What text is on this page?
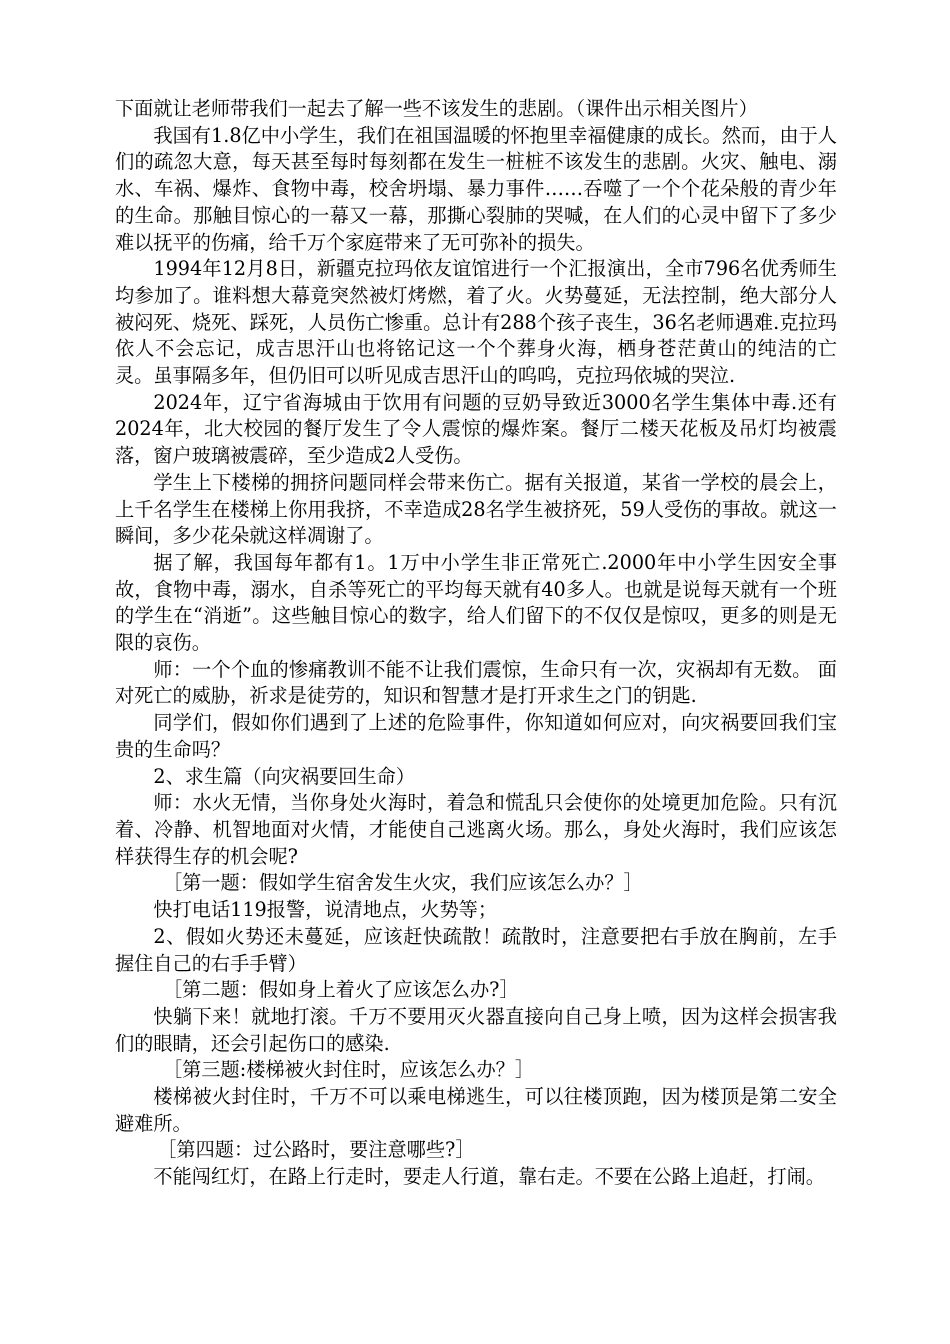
下面就让老师带我们一起去了解一些不该发生的悲剧。（课件出示相关图片）

我国有1.8亿中小学生，我们在祖国温暖的怀抱里幸福健康的成长。然而，由于人们的疏忽大意，每天甚至每时每刻都在发生一桩桩不该发生的悲剧。火灾、触电、溺水、车祸、爆炸、食物中毒，校舍坍塌、暴力事件……吞噬了一个个花朵般的青少年的生命。那触目惊心的一幕又一幕，那撕心裂肺的哭喊，在人们的心灵中留下了多少难以抚平的伤痛，给千万个家庭带来了无可弥补的损失。

1994年12月8日，新疆克拉玛依友谊馆进行一个汇报演出，全市796名优秀师生均参加了。谁料想大幕竟突然被灯烤燃，着了火。火势蔓延，无法控制，绝大部分人被闷死、烧死、踩死，人员伤亡惨重。总计有288个孩子丧生，36名老师遇难.克拉玛依人不会忘记，成吉思汗山也将铭记这一个个葬身火海，栖身苍茫黄山的纯洁的亡灵。虽事隔多年，但仍旧可以听见成吉思汗山的呜呜，克拉玛依城的哭泣.

2024年，辽宁省海城由于饮用有问题的豆奶导致近3000名学生集体中毒.还有2024年，北大校园的餐厅发生了令人震惊的爆炸案。餐厅二楼天花板及吊灯均被震落，窗户玻璃被震碎，至少造成2人受伤。

学生上下楼梯的拥挤问题同样会带来伤亡。据有关报道，某省一学校的晨会上，上千名学生在楼梯上你用我挤，不幸造成28名学生被挤死，59人受伤的事故。就这一瞬间，多少花朵就这样凋谢了。

据了解，我国每年都有1。1万中小学生非正常死亡.2000年中小学生因安全事故，食物中毒，溺水，自杀等死亡的平均每天就有40多人。也就是说每天就有一个班的学生在“消逝”。这些触目惊心的数字，给人们留下的不仅仅是惊叹，更多的则是无限的哀伤。

师：一个个血的惨痛教训不能不让我们震惊，生命只有一次，灾祸却有无数。 面对死亡的威胁，祈求是徒劳的，知识和智慧才是打开求生之门的钥匙.

同学们，假如你们遇到了上述的危险事件，你知道如何应对，向灾祸要回我们宝贵的生命吗？

2、求生篇（向灾祸要回生命）

师：水火无情，当你身处火海时，着急和慌乱只会使你的处境更加危险。只有沉着、冷静、机智地面对火情，才能使自己逃离火场。那么，身处火海时，我们应该怎样获得生存的机会呢?

［第一题：假如学生宿舍发生火灾，我们应该怎么办？］

快打电话119报警，说清地点，火势等；

2、假如火势还未蔓延，应该赶快疏散！疏散时，注意要把右手放在胸前，左手握住自己的右手手臂）

［第二题：假如身上着火了应该怎么办?］

快躺下来！就地打滚。千万不要用灭火器直接向自己身上喷，因为这样会损害我们的眼睛，还会引起伤口的感染.

［第三题:楼梯被火封住时，应该怎么办？］

楼梯被火封住时，千万不可以乘电梯逃生，可以往楼顶跑，因为楼顶是第二安全避难所。

［第四题：过公路时，要注意哪些?］

不能闯红灯，在路上行走时，要走人行道，靠右走。不要在公路上追赶，打闹。
